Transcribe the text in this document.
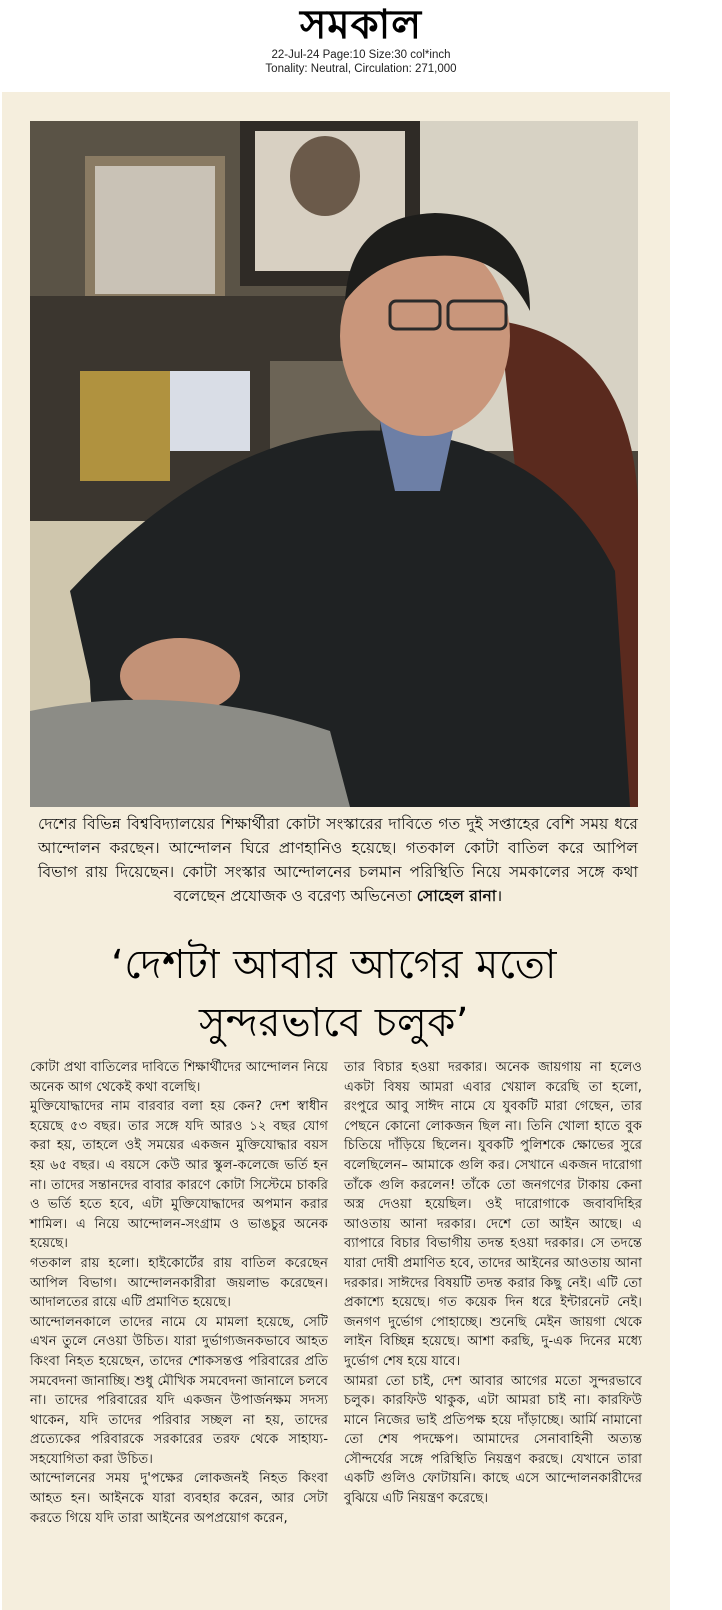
সমকাল
22-Jul-24 Page:10 Size:30 col*inch
Tonality: Neutral, Circulation: 271,000
দেশের বিভিন্ন বিশ্ববিদ্যালয়ের শিক্ষার্থীরা কোটা সংস্কারের দাবিতে গত দুই সপ্তাহের বেশি সময় ধরে আন্দোলন করছেন। আন্দোলন ঘিরে প্রাণহানিও হয়েছে। গতকাল কোটা বাতিল করে আপিল বিভাগ রায় দিয়েছেন। কোটা সংস্কার আন্দোলনের চলমান পরিস্থিতি নিয়ে সমকালের সঙ্গে কথা বলেছেন প্রযোজক ও বরেণ্য অভিনেতা সোহেল রানা।
‘দেশটা আবার আগের মতো
সুন্দরভাবে চলুক’

কোটা প্রথা বাতিলের দাবিতে শিক্ষার্থীদের আন্দোলন নিয়ে অনেক আগ থেকেই কথা বলেছি।

মুক্তিযোদ্ধাদের নাম বারবার বলা হয় কেন? দেশ স্বাধীন হয়েছে ৫৩ বছর। তার সঙ্গে যদি আরও ১২ বছর যোগ করা হয়, তাহলে ওই সময়ের একজন মুক্তিযোদ্ধার বয়স হয় ৬৫ বছর। এ বয়সে কেউ আর স্কুল-কলেজে ভর্তি হন না। তাদের সন্তানদের বাবার কারণে কোটা সিস্টেমে চাকরি ও ভর্তি হতে হবে, এটা মুক্তিযোদ্ধাদের অপমান করার শামিল। এ নিয়ে আন্দোলন-সংগ্রাম ও ভাঙচুর অনেক হয়েছে।

গতকাল রায় হলো। হাইকোর্টের রায় বাতিল করেছেন আপিল বিভাগ। আন্দোলনকারীরা জয়লাভ করেছেন। আদালতের রায়ে এটি প্রমাণিত হয়েছে।

আন্দোলনকালে তাদের নামে যে মামলা হয়েছে, সেটি এখন তুলে নেওয়া উচিত। যারা দুর্ভাগ্যজনকভাবে আহত কিংবা নিহত হয়েছেন, তাদের শোকসন্তপ্ত পরিবারের প্রতি সমবেদনা জানাচ্ছি। শুধু মৌখিক সমবেদনা জানালে চলবে না। তাদের পরিবারের যদি একজন উপার্জনক্ষম সদস্য থাকেন, যদি তাদের পরিবার সচ্ছল না হয়, তাদের প্রত্যেকের পরিবারকে সরকারের তরফ থেকে সাহায্য-সহযোগিতা করা উচিত।

আন্দোলনের সময় দু'পক্ষের লোকজনই নিহত কিংবা আহত হন। আইনকে যারা ব্যবহার করেন, আর সেটা করতে গিয়ে যদি তারা আইনের অপপ্রয়োগ করেন,

তার বিচার হওয়া দরকার। অনেক জায়গায় না হলেও একটা বিষয় আমরা এবার খেয়াল করেছি তা হলো, রংপুরে আবু সাঈদ নামে যে যুবকটি মারা গেছেন, তার পেছনে কোনো লোকজন ছিল না। তিনি খোলা হাতে বুক চিতিয়ে দাঁড়িয়ে ছিলেন। যুবকটি পুলিশকে ক্ষোভের সুরে বলেছিলেন– আমাকে গুলি কর। সেখানে একজন দারোগা তাঁকে গুলি করলেন! তাঁকে তো জনগণের টাকায় কেনা অস্ত্র দেওয়া হয়েছিল। ওই দারোগাকে জবাবদিহির আওতায় আনা দরকার। দেশে তো আইন আছে। এ ব্যাপারে বিচার বিভাগীয় তদন্ত হওয়া দরকার। সে তদন্তে যারা দোষী প্রমাণিত হবে, তাদের আইনের আওতায় আনা দরকার। সাঈদের বিষয়টি তদন্ত করার কিছু নেই। এটি তো প্রকাশ্যে হয়েছে। গত কয়েক দিন ধরে ইন্টারনেট নেই। জনগণ দুর্ভোগ পোহাচ্ছে। শুনেছি মেইন জায়গা থেকে লাইন বিচ্ছিন্ন হয়েছে। আশা করছি, দু-এক দিনের মধ্যে দুর্ভোগ শেষ হয়ে যাবে।

আমরা তো চাই, দেশ আবার আগের মতো সুন্দরভাবে চলুক। কারফিউ থাকুক, এটা আমরা চাই না। কারফিউ মানে নিজের ভাই প্রতিপক্ষ হয়ে দাঁড়াচ্ছে। আর্মি নামানো তো শেষ পদক্ষেপ। আমাদের সেনাবাহিনী অত্যন্ত সৌন্দর্যের সঙ্গে পরিস্থিতি নিয়ন্ত্রণ করছে। যেখানে তারা একটি গুলিও ফোটায়নি। কাছে এসে আন্দোলনকারীদের বুঝিয়ে এটি নিয়ন্ত্রণ করেছে।
